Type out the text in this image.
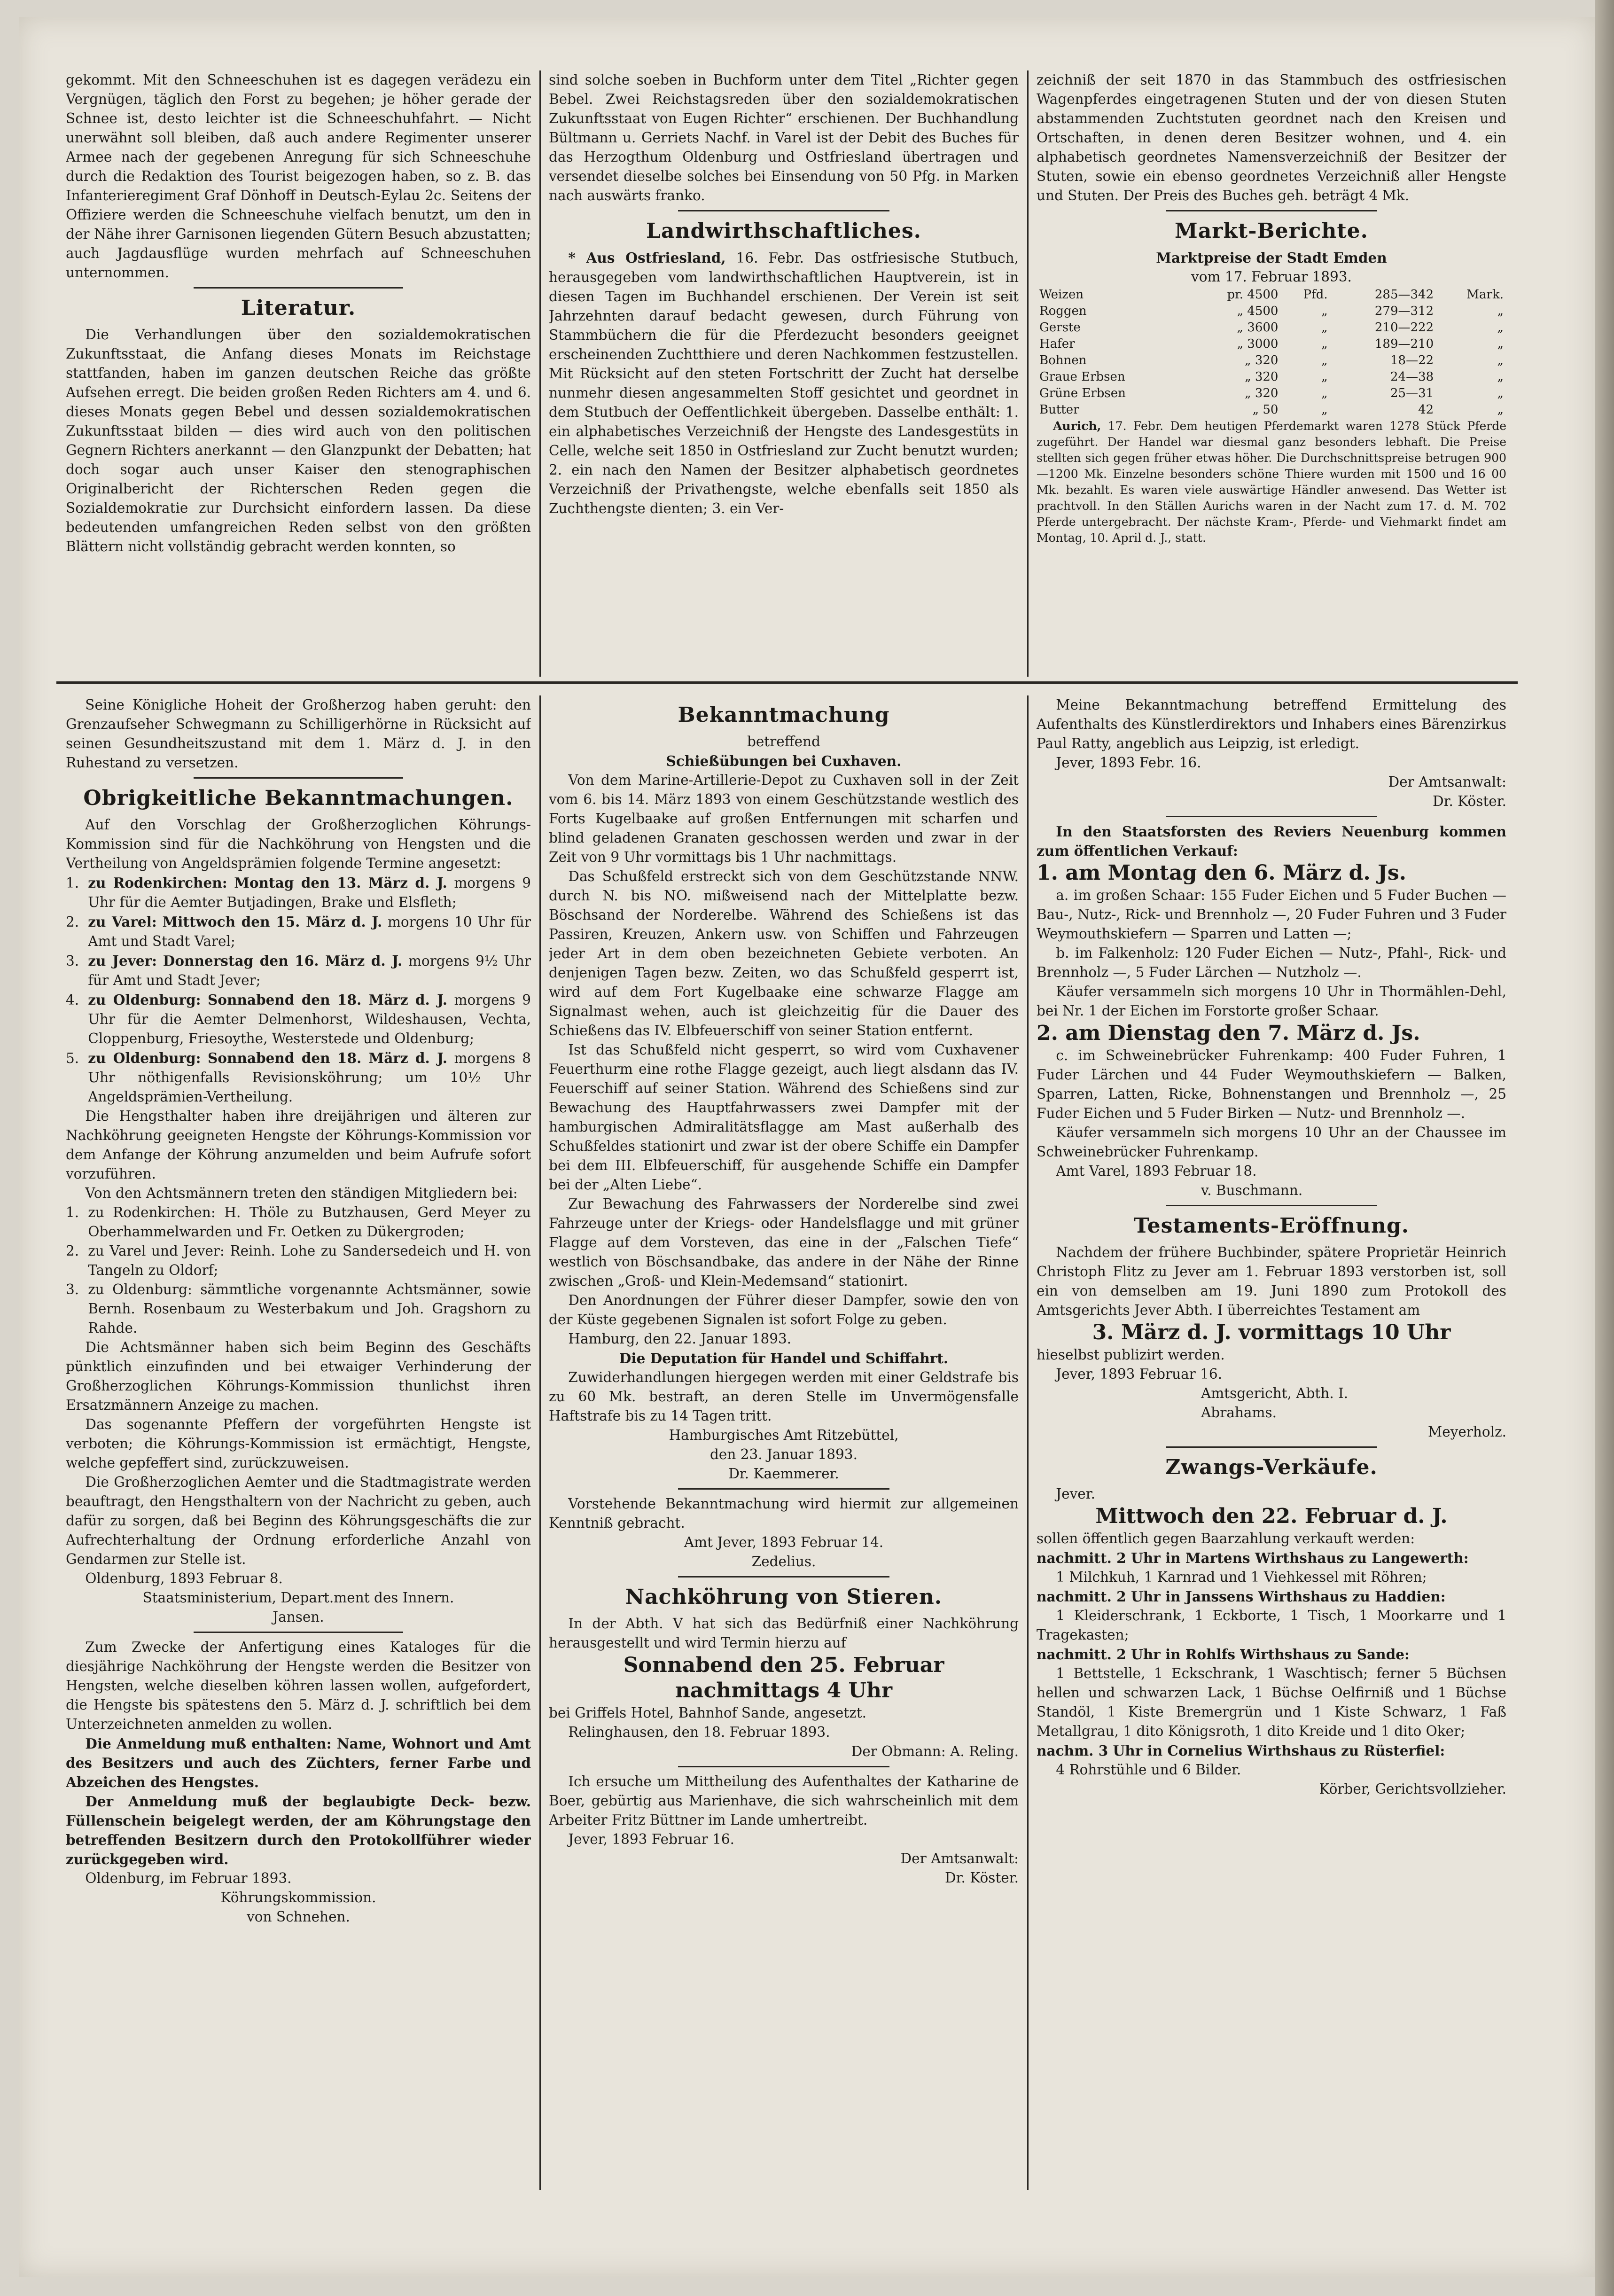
gekommt. Mit den Schneeschuhen ist es dagegen verädezu ein Vergnügen, täglich den Forst zu begehen; je höher gerade der Schnee ist, desto leichter ist die Schneeschuhfahrt. — Nicht unerwähnt soll bleiben, daß auch andere Regimenter unserer Armee nach der gegebenen Anregung für sich Schneeschuhe durch die Redaktion des Tourist beigezogen haben, so z. B. das Infanterieregiment Graf Dönhoff in Deutsch-Eylau 2c. Seitens der Offiziere werden die Schneeschuhe vielfach benutzt, um den in der Nähe ihrer Garnisonen liegenden Gütern Besuch abzustatten; auch Jagdausflüge wurden mehrfach auf Schneeschuhen unternommen.

Literatur.

Die Verhandlungen über den sozialdemokratischen Zukunftsstaat, die Anfang dieses Monats im Reichstage stattfanden, haben im ganzen deutschen Reiche das größte Aufsehen erregt. Die beiden großen Reden Richters am 4. und 6. dieses Monats gegen Bebel und dessen sozialdemokratischen Zukunftsstaat bilden — dies wird auch von den politischen Gegnern Richters anerkannt — den Glanzpunkt der Debatten; hat doch sogar auch unser Kaiser den stenographischen Originalbericht der Richterschen Reden gegen die Sozialdemokratie zur Durchsicht einfordern lassen. Da diese bedeutenden umfangreichen Reden selbst von den größten Blättern nicht vollständig gebracht werden konnten, so

sind solche soeben in Buchform unter dem Titel „Richter gegen Bebel. Zwei Reichstagsreden über den sozialdemokratischen Zukunftsstaat von Eugen Richter“ erschienen. Der Buchhandlung Bültmann u. Gerriets Nachf. in Varel ist der Debit des Buches für das Herzogthum Oldenburg und Ostfriesland übertragen und versendet dieselbe solches bei Einsendung von 50 Pfg. in Marken nach auswärts franko.

Landwirthschaftliches.

* Aus Ostfriesland, 16. Febr. Das ostfriesische Stutbuch, herausgegeben vom landwirthschaftlichen Hauptverein, ist in diesen Tagen im Buchhandel erschienen. Der Verein ist seit Jahrzehnten darauf bedacht gewesen, durch Führung von Stammbüchern die für die Pferdezucht besonders geeignet erscheinenden Zuchtthiere und deren Nachkommen festzustellen. Mit Rücksicht auf den steten Fortschritt der Zucht hat derselbe nunmehr diesen angesammelten Stoff gesichtet und geordnet in dem Stutbuch der Oeffentlichkeit übergeben. Dasselbe enthält: 1. ein alphabetisches Verzeichniß der Hengste des Landesgestüts in Celle, welche seit 1850 in Ostfriesland zur Zucht benutzt wurden; 2. ein nach den Namen der Besitzer alphabetisch geordnetes Verzeichniß der Privathengste, welche ebenfalls seit 1850 als Zuchthengste dienten; 3. ein Ver-

zeichniß der seit 1870 in das Stammbuch des ostfriesischen Wagenpferdes eingetragenen Stuten und der von diesen Stuten abstammenden Zuchtstuten geordnet nach den Kreisen und Ortschaften, in denen deren Besitzer wohnen, und 4. ein alphabetisch geordnetes Namensverzeichniß der Besitzer der Stuten, sowie ein ebenso geordnetes Verzeichniß aller Hengste und Stuten. Der Preis des Buches geh. beträgt 4 Mk.

Markt-Berichte.
Marktpreise der Stadt Emden
vom 17. Februar 1893.
Weizen	pr. 4500	Pfd.	285—342	Mark.
Roggen	„ 4500	„	279—312	„
Gerste	„ 3600	„	210—222	„
Hafer	„ 3000	„	189—210	„
Bohnen	„ 320	„	18—22	„
Graue Erbsen	„ 320	„	24—38	„
Grüne Erbsen	„ 320	„	25—31	„
Butter	„ 50	„	42	„

Aurich, 17. Febr. Dem heutigen Pferdemarkt waren 1278 Stück Pferde zugeführt. Der Handel war diesmal ganz besonders lebhaft. Die Preise stellten sich gegen früher etwas höher. Die Durchschnittspreise betrugen 900—1200 Mk. Einzelne besonders schöne Thiere wurden mit 1500 und 16 00 Mk. bezahlt. Es waren viele auswärtige Händler anwesend. Das Wetter ist prachtvoll. In den Ställen Aurichs waren in der Nacht zum 17. d. M. 702 Pferde untergebracht. Der nächste Kram-, Pferde- und Viehmarkt findet am Montag, 10. April d. J., statt.

Seine Königliche Hoheit der Großherzog haben geruht: den Grenzaufseher Schwegmann zu Schilligerhörne in Rücksicht auf seinen Gesundheitszustand mit dem 1. März d. J. in den Ruhestand zu versetzen.

Obrigkeitliche Bekanntmachungen.

Auf den Vorschlag der Großherzoglichen Köhrungs-Kommission sind für die Nachköhrung von Hengsten und die Vertheilung von Angeldsprämien folgende Termine angesetzt:

1. zu Rodenkirchen: Montag den 13. März d. J. morgens 9 Uhr für die Aemter Butjadingen, Brake und Elsfleth;

2. zu Varel: Mittwoch den 15. März d. J. morgens 10 Uhr für Amt und Stadt Varel;

3. zu Jever: Donnerstag den 16. März d. J. morgens 9½ Uhr für Amt und Stadt Jever;

4. zu Oldenburg: Sonnabend den 18. März d. J. morgens 9 Uhr für die Aemter Delmenhorst, Wildeshausen, Vechta, Cloppenburg, Friesoythe, Westerstede und Oldenburg;

5. zu Oldenburg: Sonnabend den 18. März d. J. morgens 8 Uhr nöthigenfalls Revisionsköhrung; um 10½ Uhr Angeldsprämien-Vertheilung.

Die Hengsthalter haben ihre dreijährigen und älteren zur Nachköhrung geeigneten Hengste der Köhrungs-Kommission vor dem Anfange der Köhrung anzumelden und beim Aufrufe sofort vorzuführen.

Von den Achtsmännern treten den ständigen Mitgliedern bei:

1. zu Rodenkirchen: H. Thöle zu Butzhausen, Gerd Meyer zu Oberhammelwarden und Fr. Oetken zu Dükergroden;

2. zu Varel und Jever: Reinh. Lohe zu Sandersedeich und H. von Tangeln zu Oldorf;

3. zu Oldenburg: sämmtliche vorgenannte Achtsmänner, sowie Bernh. Rosenbaum zu Westerbakum und Joh. Gragshorn zu Rahde.

Die Achtsmänner haben sich beim Beginn des Geschäfts pünktlich einzufinden und bei etwaiger Verhinderung der Großherzoglichen Köhrungs-Kommission thunlichst ihren Ersatzmännern Anzeige zu machen.

Das sogenannte Pfeffern der vorgeführten Hengste ist verboten; die Köhrungs-Kommission ist ermächtigt, Hengste, welche gepfeffert sind, zurückzuweisen.

Die Großherzoglichen Aemter und die Stadtmagistrate werden beauftragt, den Hengsthaltern von der Nachricht zu geben, auch dafür zu sorgen, daß bei Beginn des Köhrungsgeschäfts die zur Aufrechterhaltung der Ordnung erforderliche Anzahl von Gendarmen zur Stelle ist.

Oldenburg, 1893 Februar 8.

Staatsministerium, Depart.ment des Innern.
Jansen.

Zum Zwecke der Anfertigung eines Kataloges für die diesjährige Nachköhrung der Hengste werden die Besitzer von Hengsten, welche dieselben köhren lassen wollen, aufgefordert, die Hengste bis spätestens den 5. März d. J. schriftlich bei dem Unterzeichneten anmelden zu wollen.

Die Anmeldung muß enthalten: Name, Wohnort und Amt des Besitzers und auch des Züchters, ferner Farbe und Abzeichen des Hengstes.

Der Anmeldung muß der beglaubigte Deck- bezw. Füllenschein beigelegt werden, der am Köhrungstage den betreffenden Besitzern durch den Protokollführer wieder zurückgegeben wird.

Oldenburg, im Februar 1893.

Köhrungskommission.
von Schnehen.
Bekanntmachung
betreffend
Schießübungen bei Cuxhaven.

Von dem Marine-Artillerie-Depot zu Cuxhaven soll in der Zeit vom 6. bis 14. März 1893 von einem Geschützstande westlich des Forts Kugelbaake auf großen Entfernungen mit scharfen und blind geladenen Granaten geschossen werden und zwar in der Zeit von 9 Uhr vormittags bis 1 Uhr nachmittags.

Das Schußfeld erstreckt sich von dem Geschützstande NNW. durch N. bis NO. mißweisend nach der Mittelplatte bezw. Böschsand der Norderelbe. Während des Schießens ist das Passiren, Kreuzen, Ankern usw. von Schiffen und Fahrzeugen jeder Art in dem oben bezeichneten Gebiete verboten. An denjenigen Tagen bezw. Zeiten, wo das Schußfeld gesperrt ist, wird auf dem Fort Kugelbaake eine schwarze Flagge am Signalmast wehen, auch ist gleichzeitig für die Dauer des Schießens das IV. Elbfeuerschiff von seiner Station entfernt.

Ist das Schußfeld nicht gesperrt, so wird vom Cuxhavener Feuerthurm eine rothe Flagge gezeigt, auch liegt alsdann das IV. Feuerschiff auf seiner Station. Während des Schießens sind zur Bewachung des Hauptfahrwassers zwei Dampfer mit der hamburgischen Admiralitätsflagge am Mast außerhalb des Schußfeldes stationirt und zwar ist der obere Schiffe ein Dampfer bei dem III. Elbfeuerschiff, für ausgehende Schiffe ein Dampfer bei der „Alten Liebe“.

Zur Bewachung des Fahrwassers der Norderelbe sind zwei Fahrzeuge unter der Kriegs- oder Handelsflagge und mit grüner Flagge auf dem Vorsteven, das eine in der „Falschen Tiefe“ westlich von Böschsandbake, das andere in der Nähe der Rinne zwischen „Groß- und Klein-Medemsand“ stationirt.

Den Anordnungen der Führer dieser Dampfer, sowie den von der Küste gegebenen Signalen ist sofort Folge zu geben.

Hamburg, den 22. Januar 1893.

Die Deputation für Handel und Schiffahrt.

Zuwiderhandlungen hiergegen werden mit einer Geldstrafe bis zu 60 Mk. bestraft, an deren Stelle im Unvermögensfalle Haftstrafe bis zu 14 Tagen tritt.

Hamburgisches Amt Ritzebüttel,
den 23. Januar 1893.
Dr. Kaemmerer.

Vorstehende Bekanntmachung wird hiermit zur allgemeinen Kenntniß gebracht.

Amt Jever, 1893 Februar 14.
Zedelius.
Nachköhrung von Stieren.

In der Abth. V hat sich das Bedürfniß einer Nachköhrung herausgestellt und wird Termin hierzu auf

Sonnabend den 25. Februar
nachmittags 4 Uhr

bei Griffels Hotel, Bahnhof Sande, angesetzt.

Relinghausen, den 18. Februar 1893.

Der Obmann: A. Reling.

Ich ersuche um Mittheilung des Aufenthaltes der Katharine de Boer, gebürtig aus Marienhave, die sich wahrscheinlich mit dem Arbeiter Fritz Büttner im Lande umhertreibt.

Jever, 1893 Februar 16.

Der Amtsanwalt:
Dr. Köster.

Meine Bekanntmachung betreffend Ermittelung des Aufenthalts des Künstlerdirektors und Inhabers eines Bärenzirkus Paul Ratty, angeblich aus Leipzig, ist erledigt.

Jever, 1893 Febr. 16.

Der Amtsanwalt:
Dr. Köster.

In den Staatsforsten des Reviers Neuenburg kommen zum öffentlichen Verkauf:

1. am Montag den 6. März d. Js.

a. im großen Schaar: 155 Fuder Eichen und 5 Fuder Buchen — Bau-, Nutz-, Rick- und Brennholz —, 20 Fuder Fuhren und 3 Fuder Weymouthskiefern — Sparren und Latten —;

b. im Falkenholz: 120 Fuder Eichen — Nutz-, Pfahl-, Rick- und Brennholz —, 5 Fuder Lärchen — Nutzholz —.

Käufer versammeln sich morgens 10 Uhr in Thormählen-Dehl, bei Nr. 1 der Eichen im Forstorte großer Schaar.

2. am Dienstag den 7. März d. Js.

c. im Schweinebrücker Fuhrenkamp: 400 Fuder Fuhren, 1 Fuder Lärchen und 44 Fuder Weymouthskiefern — Balken, Sparren, Latten, Ricke, Bohnenstangen und Brennholz —, 25 Fuder Eichen und 5 Fuder Birken — Nutz- und Brennholz —.

Käufer versammeln sich morgens 10 Uhr an der Chaussee im Schweinebrücker Fuhrenkamp.

Amt Varel, 1893 Februar 18.

v. Buschmann.
Testaments-Eröffnung.

Nachdem der frühere Buchbinder, spätere Proprietär Heinrich Christoph Flitz zu Jever am 1. Februar 1893 verstorben ist, soll ein von demselben am 19. Juni 1890 zum Protokoll des Amtsgerichts Jever Abth. I überreichtes Testament am

3. März d. J. vormittags 10 Uhr

hieselbst publizirt werden.

Jever, 1893 Februar 16.

Amtsgericht, Abth. I.
Abrahams.
Meyerholz.
Zwangs-Verkäufe.

Jever.

Mittwoch den 22. Februar d. J.

sollen öffentlich gegen Baarzahlung verkauft werden:

nachmitt. 2 Uhr in Martens Wirthshaus zu Langewerth:

1 Milchkuh, 1 Karnrad und 1 Viehkessel mit Röhren;

nachmitt. 2 Uhr in Janssens Wirthshaus zu Haddien:

1 Kleiderschrank, 1 Eckborte, 1 Tisch, 1 Moorkarre und 1 Tragekasten;

nachmitt. 2 Uhr in Rohlfs Wirthshaus zu Sande:

1 Bettstelle, 1 Eckschrank, 1 Waschtisch; ferner 5 Büchsen hellen und schwarzen Lack, 1 Büchse Oelfirniß und 1 Büchse Standöl, 1 Kiste Bremergrün und 1 Kiste Schwarz, 1 Faß Metallgrau, 1 dito Königsroth, 1 dito Kreide und 1 dito Oker;

nachm. 3 Uhr in Cornelius Wirthshaus zu Rüsterfiel:

4 Rohrstühle und 6 Bilder.

Körber, Gerichtsvollzieher.
